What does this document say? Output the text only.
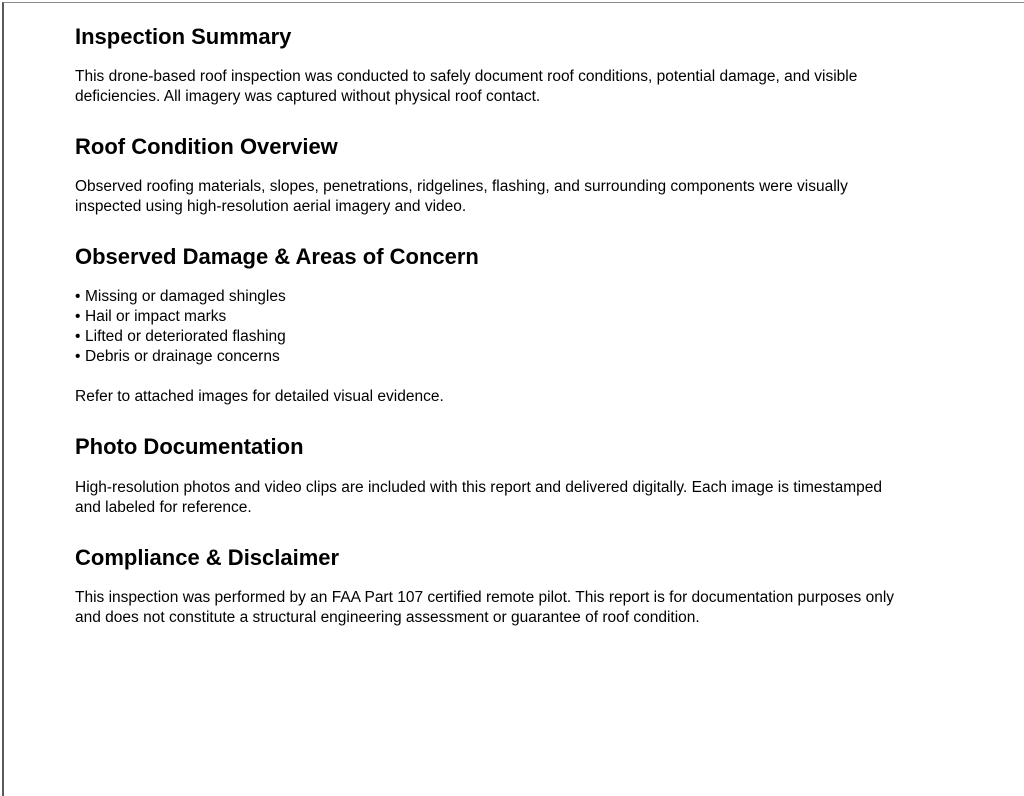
Inspection Summary
This drone-based roof inspection was conducted to safely document roof conditions, potential damage, and visible
deficiencies. All imagery was captured without physical roof contact.
Roof Condition Overview
Observed roofing materials, slopes, penetrations, ridgelines, flashing, and surrounding components were visually
inspected using high-resolution aerial imagery and video.
Observed Damage & Areas of Concern
• Missing or damaged shingles
• Hail or impact marks
• Lifted or deteriorated flashing
• Debris or drainage concerns
Refer to attached images for detailed visual evidence.
Photo Documentation
High-resolution photos and video clips are included with this report and delivered digitally. Each image is timestamped
and labeled for reference.
Compliance & Disclaimer
This inspection was performed by an FAA Part 107 certified remote pilot. This report is for documentation purposes only
and does not constitute a structural engineering assessment or guarantee of roof condition.
